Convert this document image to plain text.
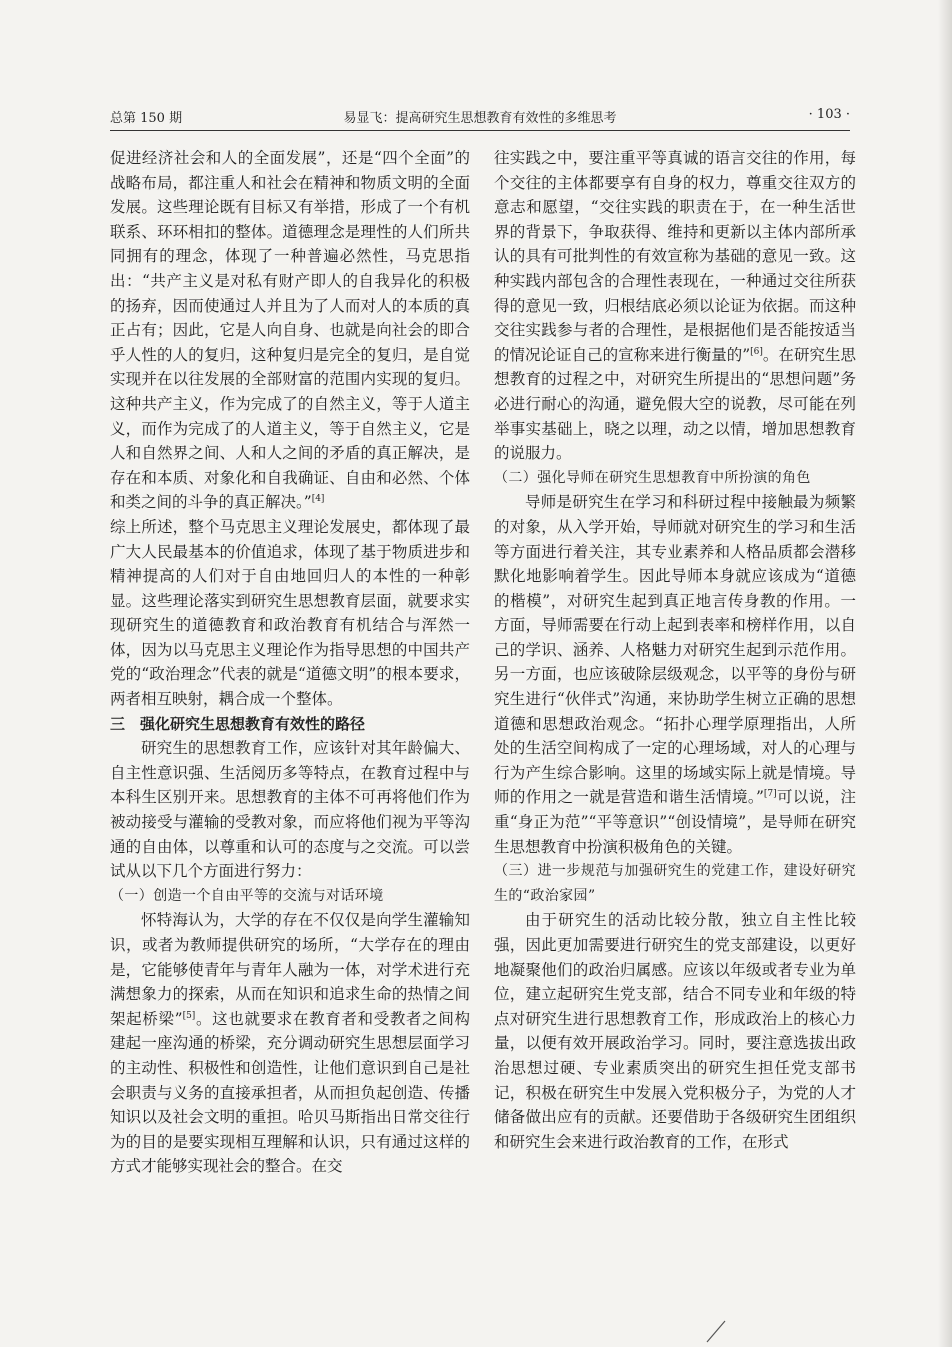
总第 150 期	易显飞：提高研究生思想教育有效性的多维思考	· 103 ·

促进经济社会和人的全面发展”，还是“四个全面”的战略布局，都注重人和社会在精神和物质文明的全面发展。这些理论既有目标又有举措，形成了一个有机联系、环环相扣的整体。道德理念是理性的人们所共同拥有的理念，体现了一种普遍必然性，马克思指出：“共产主义是对私有财产即人的自我异化的积极的扬弃，因而使通过人并且为了人而对人的本质的真正占有；因此，它是人向自身、也就是向社会的即合乎人性的人的复归，这种复归是完全的复归，是自觉实现并在以往发展的全部财富的范围内实现的复归。这种共产主义，作为完成了的自然主义，等于人道主义，而作为完成了的人道主义，等于自然主义，它是人和自然界之间、人和人之间的矛盾的真正解决，是存在和本质、对象化和自我确证、自由和必然、个体和类之间的斗争的真正解决。”[4]

综上所述，整个马克思主义理论发展史，都体现了最广大人民最基本的价值追求，体现了基于物质进步和精神提高的人们对于自由地回归人的本性的一种彰显。这些理论落实到研究生思想教育层面，就要求实现研究生的道德教育和政治教育有机结合与浑然一体，因为以马克思主义理论作为指导思想的中国共产党的“政治理念”代表的就是“道德文明”的根本要求，两者相互映射，耦合成一个整体。

三　强化研究生思想教育有效性的路径

研究生的思想教育工作，应该针对其年龄偏大、自主性意识强、生活阅历多等特点，在教育过程中与本科生区别开来。思想教育的主体不可再将他们作为被动接受与灌输的受教对象，而应将他们视为平等沟通的自由体，以尊重和认可的态度与之交流。可以尝试从以下几个方面进行努力：

（一）创造一个自由平等的交流与对话环境

怀特海认为，大学的存在不仅仅是向学生灌输知识，或者为教师提供研究的场所，“大学存在的理由是，它能够使青年与青年人融为一体，对学术进行充满想象力的探索，从而在知识和追求生命的热情之间架起桥梁”[5]。这也就要求在教育者和受教者之间构建起一座沟通的桥梁，充分调动研究生思想层面学习的主动性、积极性和创造性，让他们意识到自己是社会职责与义务的直接承担者，从而担负起创造、传播知识以及社会文明的重担。哈贝马斯指出日常交往行为的目的是要实现相互理解和认识，只有通过这样的方式才能够实现社会的整合。在交

往实践之中，要注重平等真诚的语言交往的作用，每个交往的主体都要享有自身的权力，尊重交往双方的意志和愿望，“交往实践的职责在于，在一种生活世界的背景下，争取获得、维持和更新以主体内部所承认的具有可批判性的有效宣称为基础的意见一致。这种实践内部包含的合理性表现在，一种通过交往所获得的意见一致，归根结底必须以论证为依据。而这种交往实践参与者的合理性，是根据他们是否能按适当的情况论证自己的宣称来进行衡量的”[6]。在研究生思想教育的过程之中，对研究生所提出的“思想问题”务必进行耐心的沟通，避免假大空的说教，尽可能在列举事实基础上，晓之以理，动之以情，增加思想教育的说服力。

（二）强化导师在研究生思想教育中所扮演的角色

导师是研究生在学习和科研过程中接触最为频繁的对象，从入学开始，导师就对研究生的学习和生活等方面进行着关注，其专业素养和人格品质都会潜移默化地影响着学生。因此导师本身就应该成为“道德的楷模”，对研究生起到真正地言传身教的作用。一方面，导师需要在行动上起到表率和榜样作用，以自己的学识、涵养、人格魅力对研究生起到示范作用。另一方面，也应该破除层级观念，以平等的身份与研究生进行“伙伴式”沟通，来协助学生树立正确的思想道德和思想政治观念。“拓扑心理学原理指出，人所处的生活空间构成了一定的心理场域，对人的心理与行为产生综合影响。这里的场域实际上就是情境。导师的作用之一就是营造和谐生活情境。”[7]可以说，注重“身正为范”“平等意识”“创设情境”，是导师在研究生思想教育中扮演积极角色的关键。

（三）进一步规范与加强研究生的党建工作，建设好研究生的“政治家园”

由于研究生的活动比较分散，独立自主性比较强，因此更加需要进行研究生的党支部建设，以更好地凝聚他们的政治归属感。应该以年级或者专业为单位，建立起研究生党支部，结合不同专业和年级的特点对研究生进行思想教育工作，形成政治上的核心力量，以便有效开展政治学习。同时，要注意选拔出政治思想过硬、专业素质突出的研究生担任党支部书记，积极在研究生中发展入党积极分子，为党的人才储备做出应有的贡献。还要借助于各级研究生团组织和研究生会来进行政治教育的工作，在形式
